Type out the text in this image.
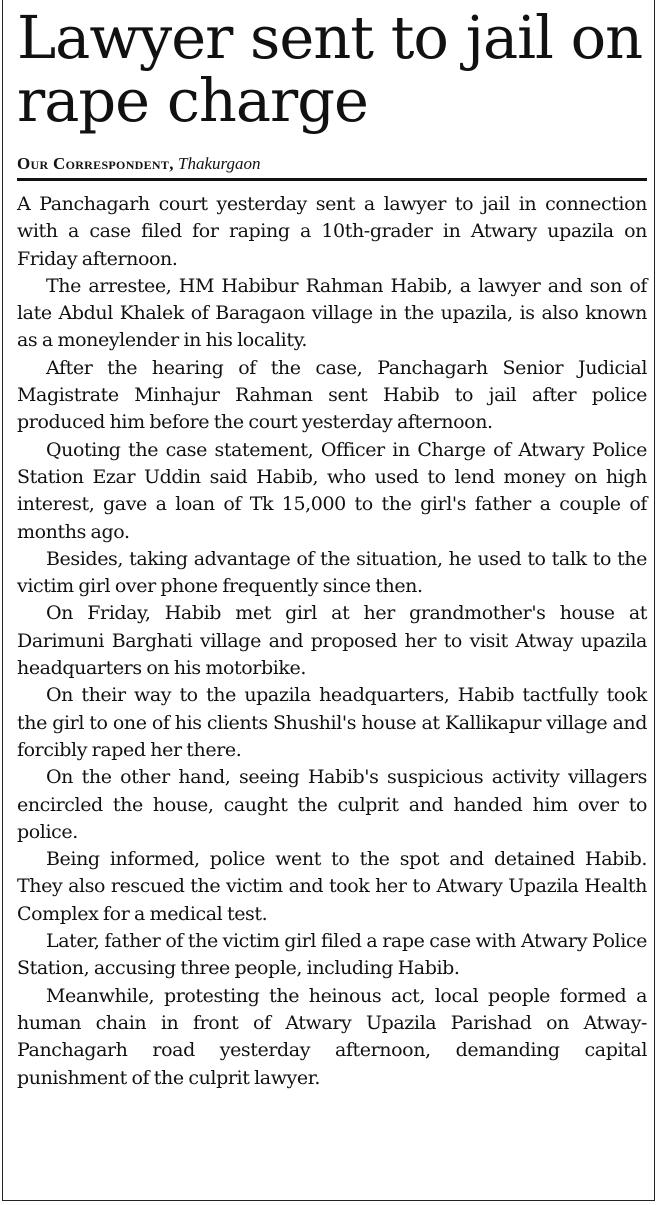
Lawyer sent to jail on rape charge
Our Correspondent, Thakurgaon

A Panchagarh court yesterday sent a lawyer to jail in connection with a case filed for raping a 10th-grader in Atwary upazila on Friday afternoon.

The arrestee, HM Habibur Rahman Habib, a lawyer and son of late Abdul Khalek of Baragaon village in the upazila, is also known as a moneylender in his locality.

After the hearing of the case, Panchagarh Senior Judicial Magistrate Minhajur Rahman sent Habib to jail after police produced him before the court yesterday afternoon.

Quoting the case statement, Officer in Charge of Atwary Police Station Ezar Uddin said Habib, who used to lend money on high interest, gave a loan of Tk 15,000 to the girl's father a couple of months ago.

Besides, taking advantage of the situation, he used to talk to the victim girl over phone frequently since then.

On Friday, Habib met girl at her grandmother's house at Darimuni Barghati village and proposed her to visit Atway upazila headquarters on his motorbike.

On their way to the upazila headquarters, Habib tactfully took the girl to one of his clients Shushil's house at Kallikapur village and forcibly raped her there.

On the other hand, seeing Habib's suspicious activity villagers encircled the house, caught the culprit and handed him over to police.

Being informed, police went to the spot and detained Habib. They also rescued the victim and took her to Atwary Upazila Health Complex for a medical test.

Later, father of the victim girl filed a rape case with Atwary Police Station, accusing three people, including Habib.

Meanwhile, protesting the heinous act, local people formed a human chain in front of Atwary Upazila Parishad on Atway-Panchagarh road yesterday afternoon, demanding capital punishment of the culprit lawyer.
